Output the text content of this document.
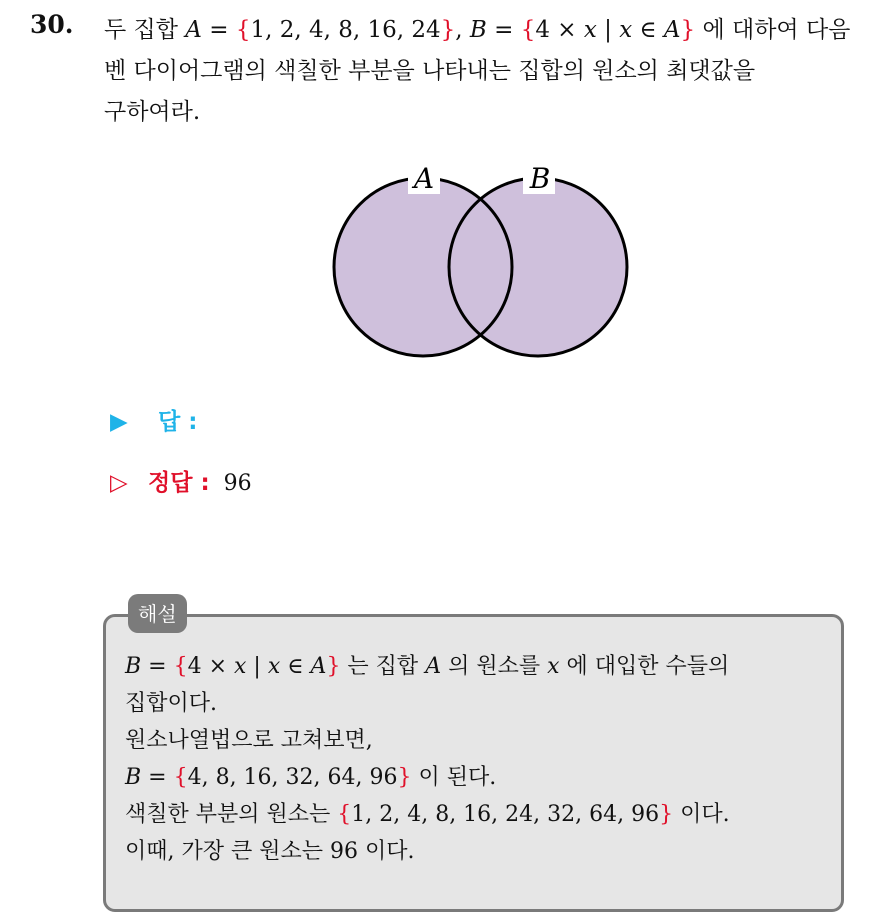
30. 두 집합 A = {1, 2, 4, 8, 16, 24}, B = {4 × x | x ∈ A} 에 대하여 다음
벤 다이어그램의 색칠한 부분을 나타내는 집합의 원소의 최댓값을
구하여라.
A	B
▶ 답 :
▷ 정답 : 96
해설
B = {4 × x | x ∈ A} 는 집합 A 의 원소를 x 에 대입한 수들의
집합이다.
원소나열법으로 고쳐보면,
B = {4, 8, 16, 32, 64, 96} 이 된다.
색칠한 부분의 원소는 {1, 2, 4, 8, 16, 24, 32, 64, 96} 이다.
이때, 가장 큰 원소는 96 이다.
